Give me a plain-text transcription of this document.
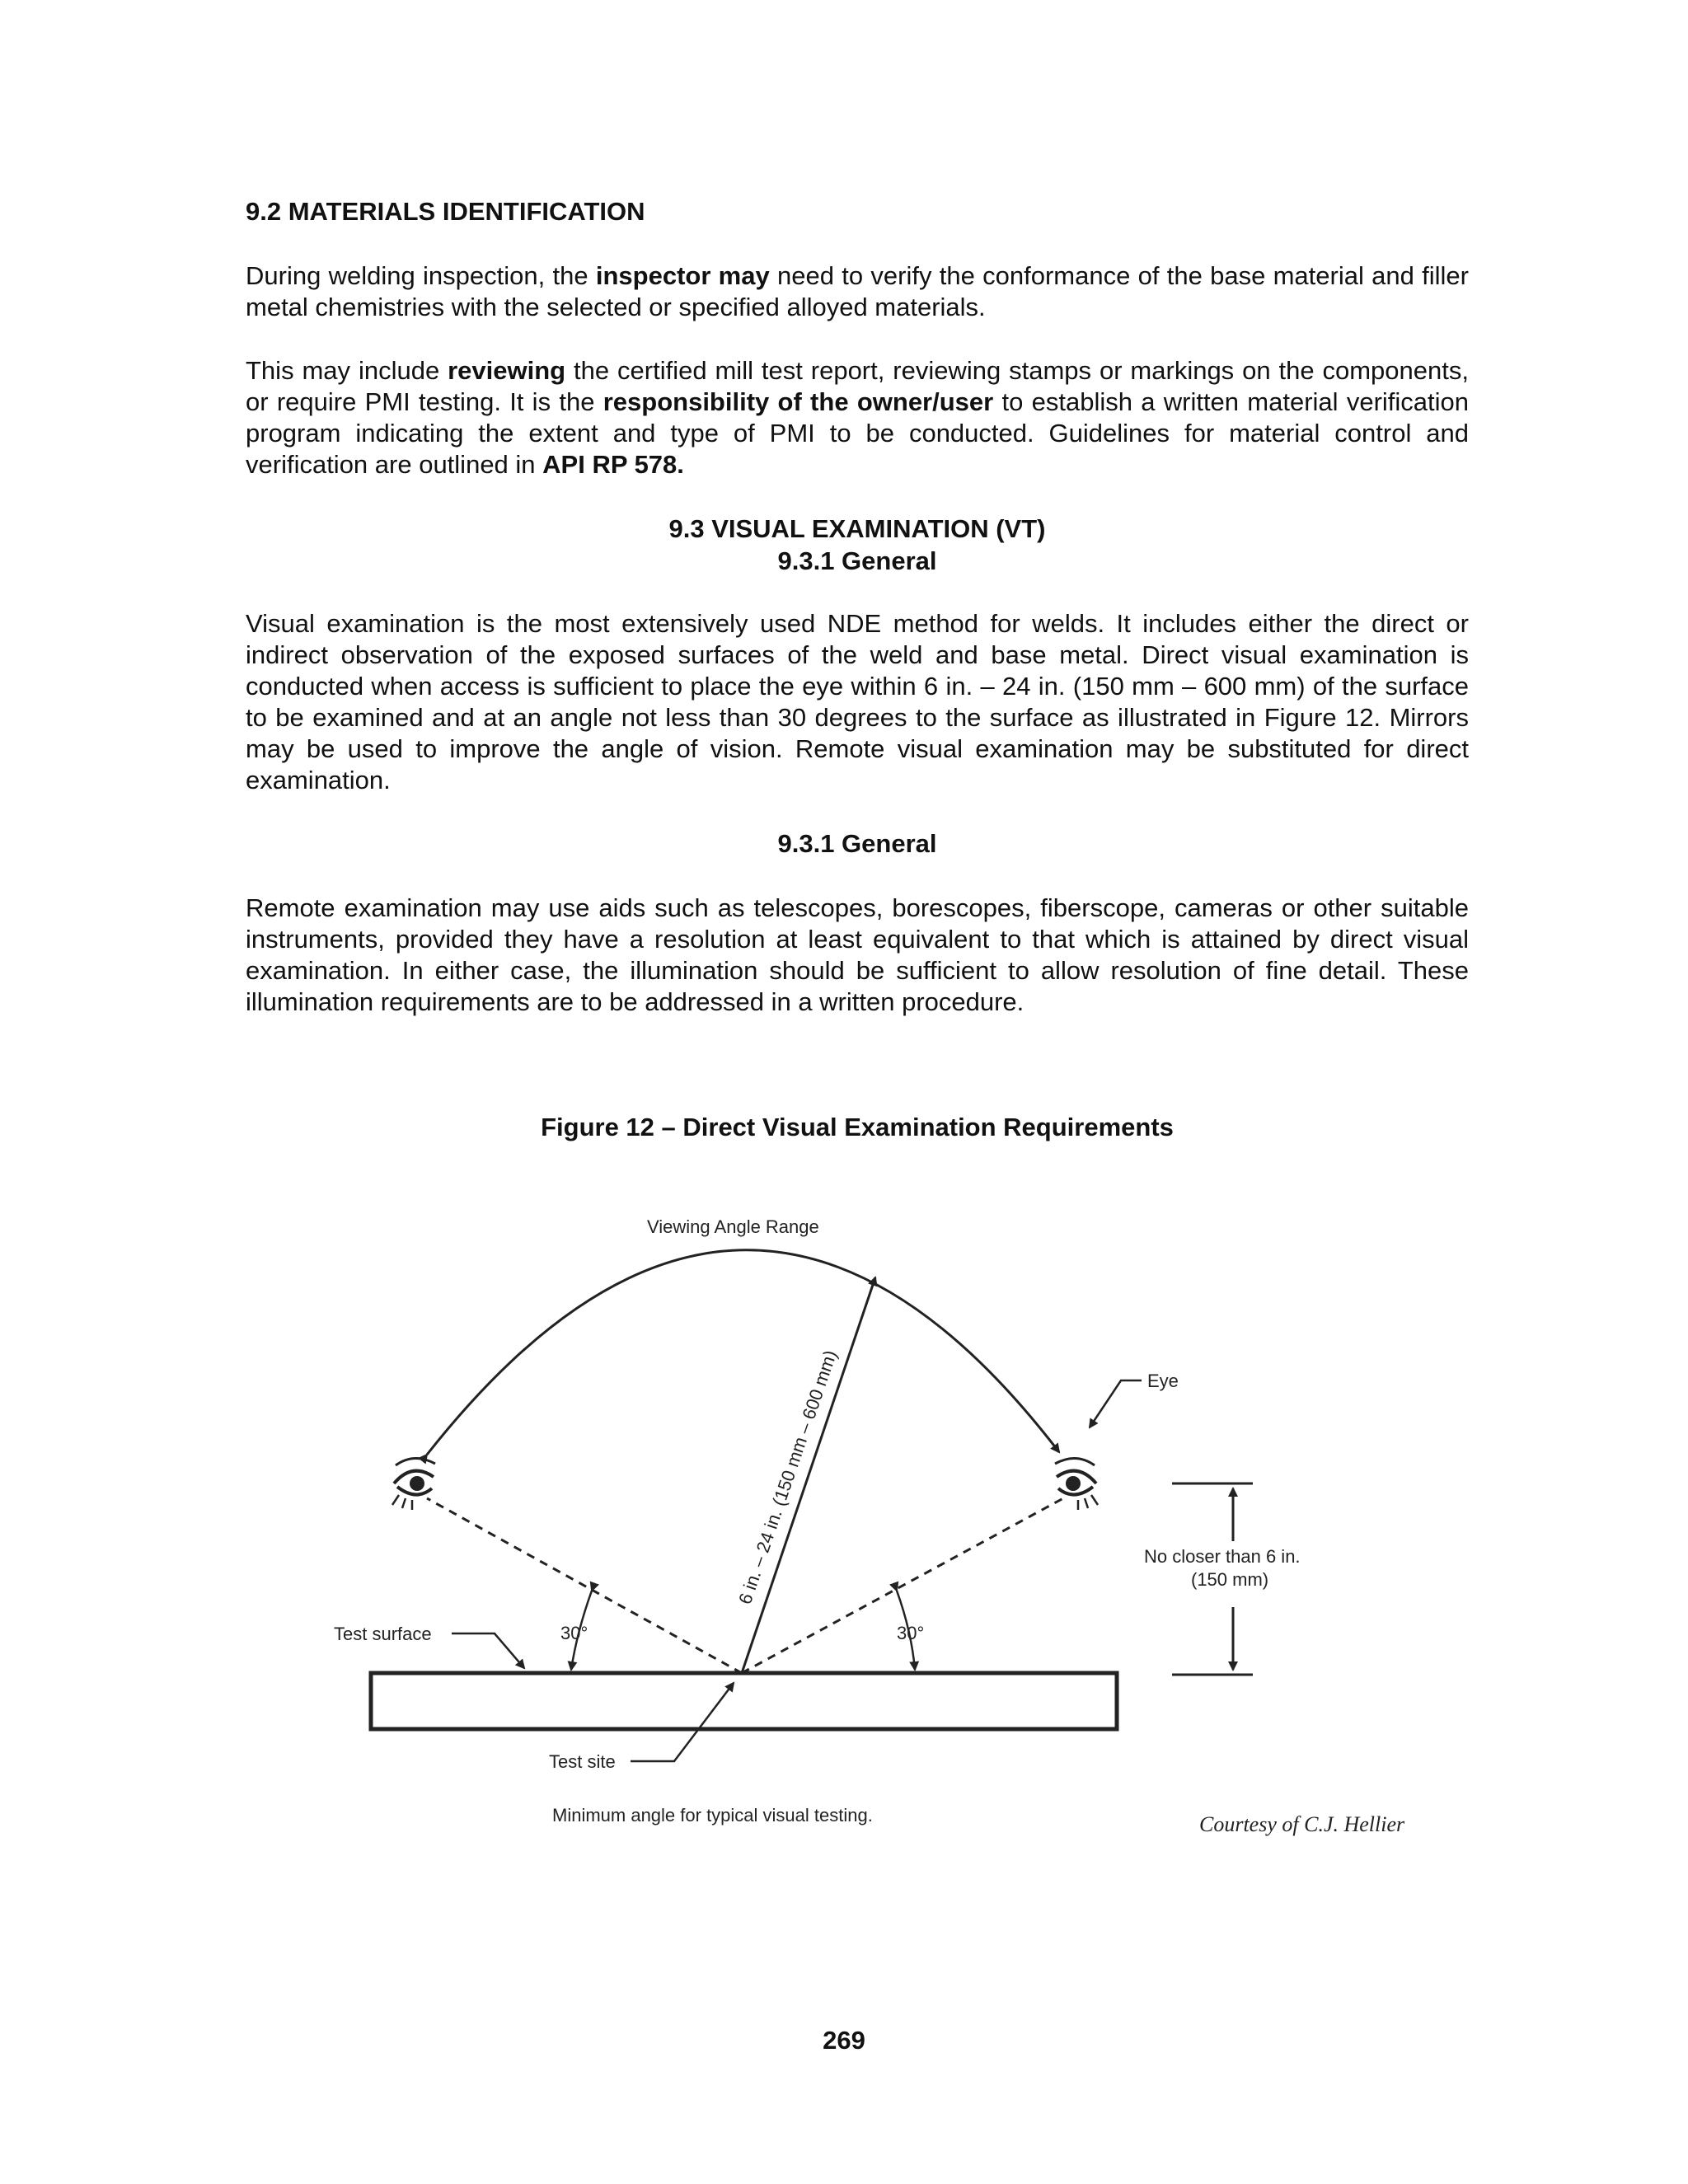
9.2 MATERIALS IDENTIFICATION
During welding inspection, the inspector may need to verify the conformance of the base material and filler metal chemistries with the selected or specified alloyed materials.
This may include reviewing the certified mill test report, reviewing stamps or markings on the components, or require PMI testing. It is the responsibility of the owner/user to establish a written material verification program indicating the extent and type of PMI to be conducted. Guidelines for material control and verification are outlined in API RP 578.
9.3 VISUAL EXAMINATION (VT)
9.3.1 General
Visual examination is the most extensively used NDE method for welds. It includes either the direct or indirect observation of the exposed surfaces of the weld and base metal. Direct visual examination is conducted when access is sufficient to place the eye within 6 in. – 24 in. (150 mm – 600 mm) of the surface to be examined and at an angle not less than 30 degrees to the surface as illustrated in Figure 12. Mirrors may be used to improve the angle of vision. Remote visual examination may be substituted for direct examination.
9.3.1 General
Remote examination may use aids such as telescopes, borescopes, fiberscope, cameras or other suitable instruments, provided they have a resolution at least equivalent to that which is attained by direct visual examination. In either case, the illumination should be sufficient to allow resolution of fine detail. These illumination requirements are to be addressed in a written procedure.
Figure 12 – Direct Visual Examination Requirements
Viewing Angle Range
6 in. – 24 in. (150 mm – 600 mm)	Eye
No closer than 6 in.
(150 mm)
Test surface	30°	30°
Test site
Minimum angle for typical visual testing.	Courtesy of C.J. Hellier
269
